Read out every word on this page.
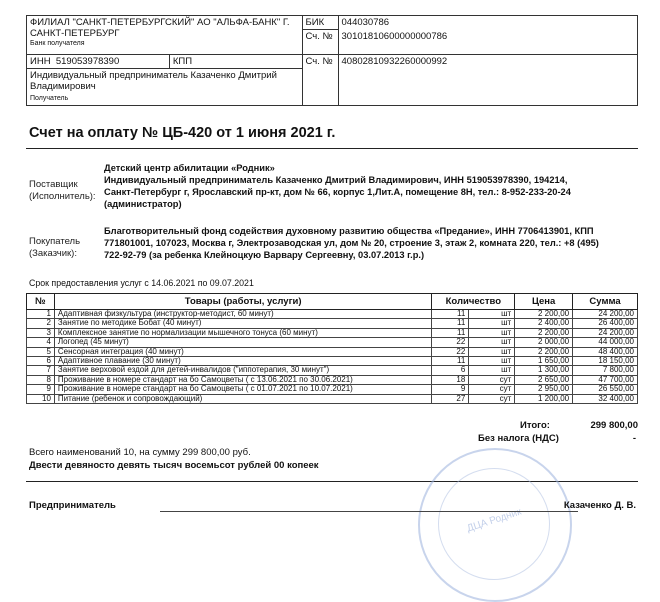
ФИЛИАЛ "САНКТ-ПЕТЕРБУРГСКИЙ" АО "АЛЬФА-БАНК" Г.
САНКТ-ПЕТЕРБУРГ
Банк получателя		БИК	044030786
		Сч. №	30101810600000000786
ИНН 519053978390	КПП	Сч. №	40802810932260000992

Индивидуальный предприниматель Казаченко Дмитрий
Владимирович
Получатель			
Счет на оплату № ЦБ-420 от 1 июня 2021 г.
Поставщик
(Исполнитель):
Детский центр абилитации «Родник»
Индивидуальный предприниматель Казаченко Дмитрий Владимирович, ИНН 519053978390, 194214,
Санкт-Петербург г, Ярославский пр-кт, дом № 66, корпус 1,Лит.А, помещение 8Н, тел.: 8-952-233-20-24
(администратор)
Покупатель
(Заказчик):
Благотворительный фонд содействия духовному развитию общества «Предание», ИНН 7706413901, КПП
771801001, 107023, Москва г, Электрозаводская ул, дом № 20, строение 3, этаж 2, комната 220, тел.: +8 (495)
722-92-79 (за ребенка Клейноцкую Варвару Сергеевну, 03.07.2013 г.р.)
Срок предоставления услуг с 14.06.2021 по 09.07.2021
№	Товары (работы, услуги)	Количество		Цена	Сумма
1	Адаптивная физкультура (инструктор-методист, 60 минут)	11	шт	2 200,00	24 200,00
2	Занятие по методике Бобат (40 минут)	11	шт	2 400,00	26 400,00
3	Комплексное занятие по нормализации мышечного тонуса (60 минут)	11	шт	2 200,00	24 200,00
4	Логопед (45 минут)	22	шт	2 000,00	44 000,00
5	Сенсорная интеграция (40 минут)	22	шт	2 200,00	48 400,00
6	Адаптивное плавание (30 минут)	11	шт	1 650,00	18 150,00
7	Занятие верховой ездой для детей-инвалидов ("иппотерапия, 30 минут")	6	шт	1 300,00	7 800,00
8	Проживание в номере стандарт на бо Самоцветы ( с 13.06.2021 по 30.06.2021)	18	сут	2 650,00	47 700,00
9	Проживание в номере стандарт на бо Самоцветы ( с 01.07.2021 по 10.07.2021)	9	сут	2 950,00	26 550,00
10	Питание (ребенок и сопровождающий)	27	сут	1 200,00	32 400,00
Итого:	299 800,00
Без налога (НДС)	-
Всего наименований 10, на сумму 299 800,00 руб.
Двести девяносто девять тысяч восемьсот рублей 00 копеек
ДЦА Родник
Предприниматель	Казаченко Д. В.
